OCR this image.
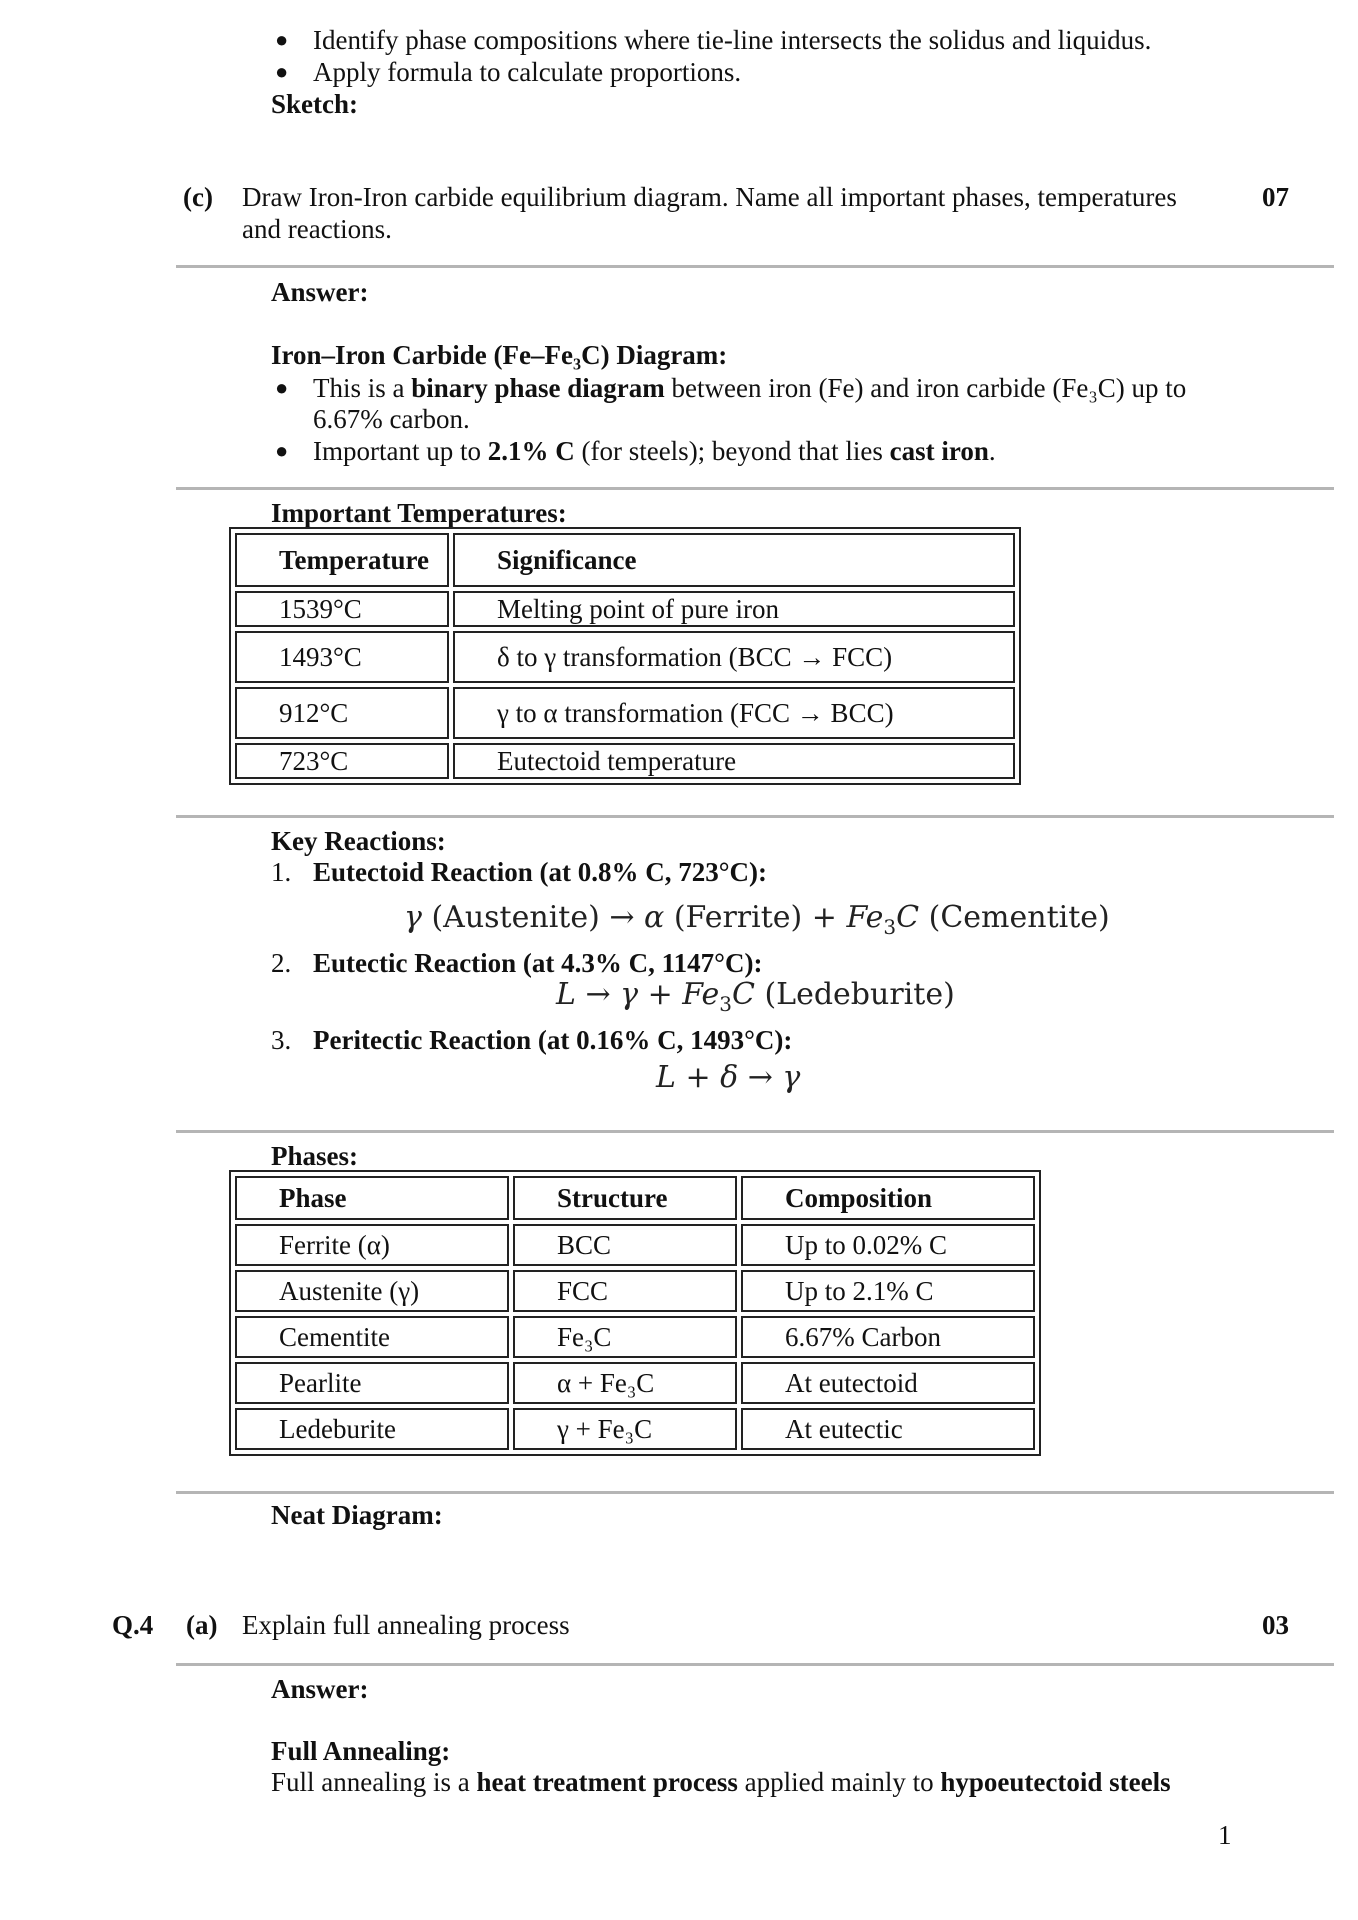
● Identify phase compositions where tie-line intersects the solidus and liquidus.
● Apply formula to calculate proportions.
Sketch:
(c) Draw Iron-Iron carbide equilibrium diagram. Name all important phases, temperatures
and reactions.
07
Answer:
Iron–Iron Carbide (Fe–Fe₃C) Diagram:
● This is a binary phase diagram between iron (Fe) and iron carbide (Fe₃C) up to
6.67% carbon.
● Important up to 2.1% C (for steels); beyond that lies cast iron.
Important Temperatures:
Temperature	Significance
1539°C	Melting point of pure iron
1493°C	δ to γ transformation (BCC → FCC)
912°C	γ to α transformation (FCC → BCC)
723°C	Eutectoid temperature
Key Reactions:
1. Eutectoid Reaction (at 0.8% C, 723°C):
γ (Austenite) → α (Ferrite) + $Fe_3C$ (Cementite)
2. Eutectic Reaction (at 4.3% C, 1147°C):
$L \to \gamma + Fe_3C$ (Ledeburite)
3. Peritectic Reaction (at 0.16% C, 1493°C):
L + δ → γ
Phases:
Phase	Structure	Composition
Ferrite (α)	BCC	Up to 0.02% C
Austenite (γ)	FCC	Up to 2.1% C
Cementite	Fe₃C	6.67% Carbon
Pearlite	α + Fe₃C	At eutectoid
Ledeburite	γ + Fe₃C	At eutectic
Neat Diagram:
Q.4 (a) Explain full annealing process	03
Answer:
Full Annealing:
Full annealing is a heat treatment process applied mainly to hypoeutectoid steels
1
